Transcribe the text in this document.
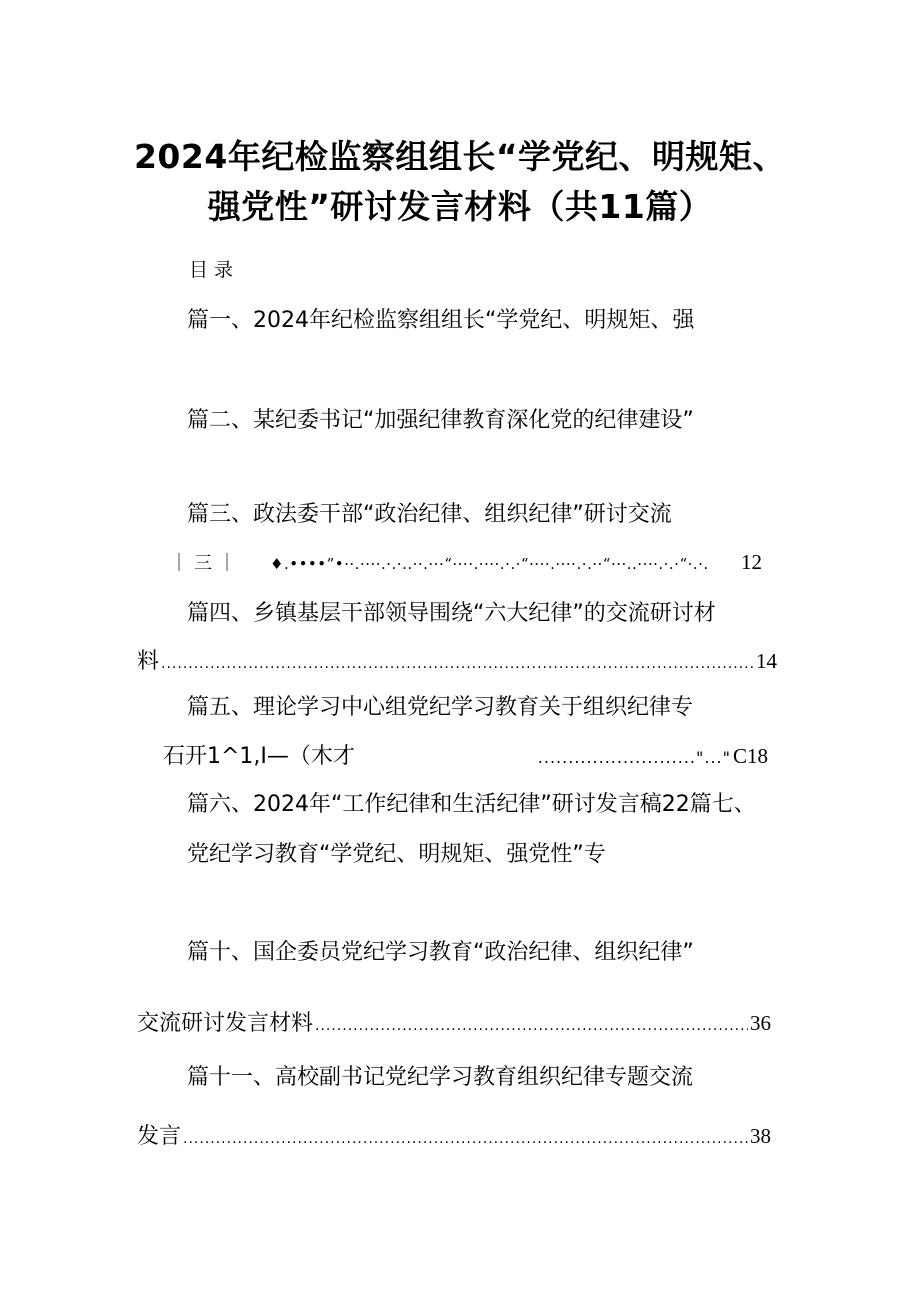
2024年纪检监察组组长“学党纪、明规矩、
强党性”研讨发言材料（共11篇）
目录
篇一、2024年纪检监察组组长“学党纪、明规矩、强
篇二、某纪委书记“加强纪律教育深化党的纪律建设”
篇三、政法委干部“政治纪律、组织纪律”研讨交流
｜三｜ ♦.••••”•··.····.·.·..··.···“····.····.·.·“····.····.·.··“···..····.·.·“·.·.	12
篇四、乡镇基层干部领导围绕“六大纪律”的交流研讨材
料 .....	14
篇五、理论学习中心组党纪学习教育关于组织纪律专
石开1^1,I—（木才	.........................."..." C18
篇六、2024年“工作纪律和生活纪律”研讨发言稿22篇七、
党纪学习教育“学党纪、明规矩、强党性”专
篇十、国企委员党纪学习教育“政治纪律、组织纪律”
交流研讨发言材料 .....	36
篇十一、高校副书记党纪学习教育组织纪律专题交流
发言 .....	38
